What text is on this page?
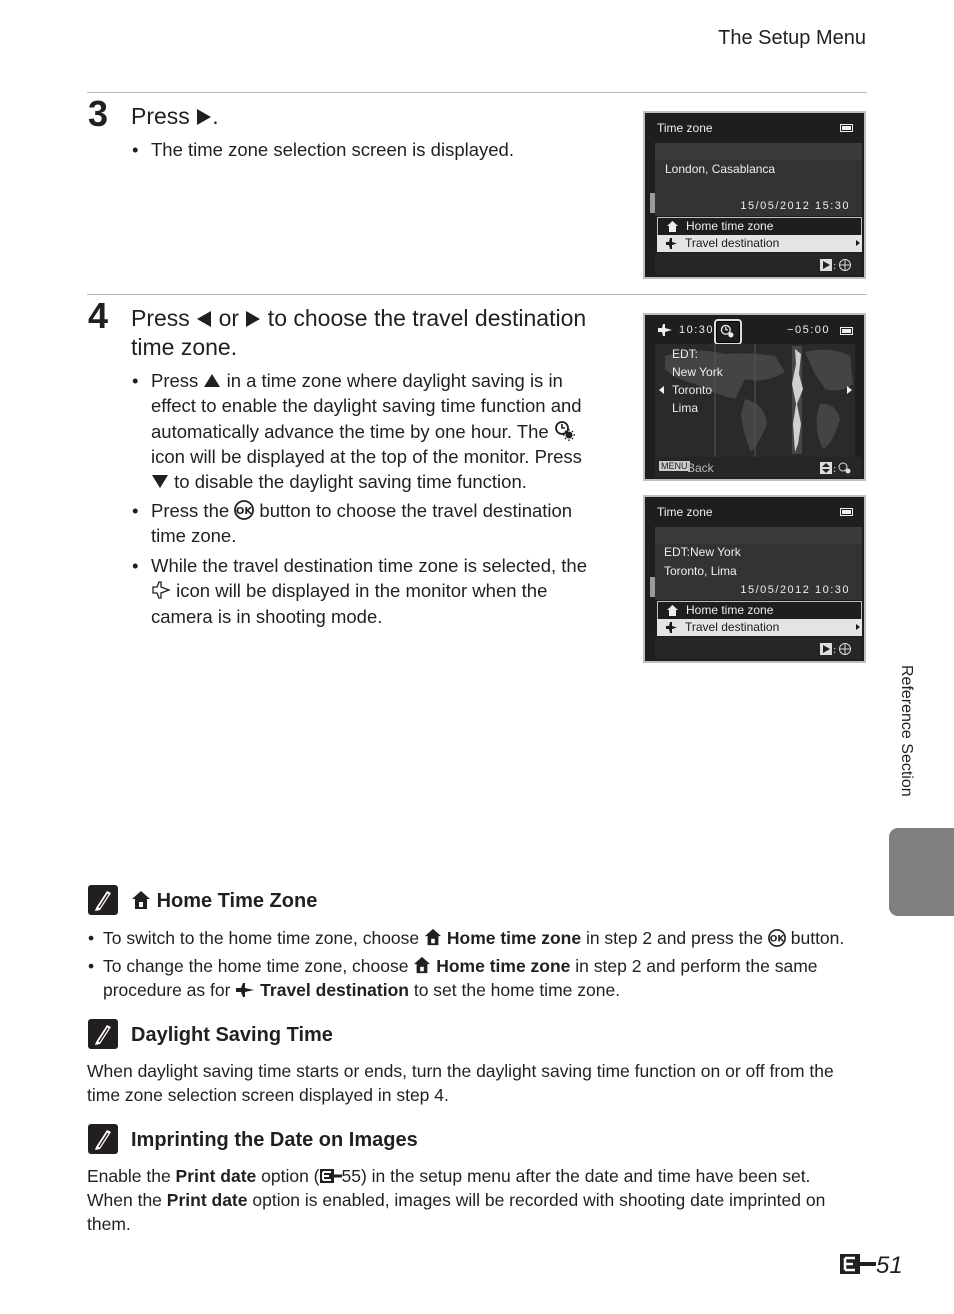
The Setup Menu
3 Press .
• The time zone selection screen is displayed.
Time zone
London, Casablanca
15/05/2012 15:30
Home time zone
Travel destination
:
4 Press  or  to choose the travel destination
time zone.
• Press  in a time zone where daylight saving is in
effect to enable the daylight saving time function and
automatically advance the time by one hour. The
icon will be displayed at the top of the monitor. Press
to disable the daylight saving time function.
• Press the OK button to choose the travel destination
time zone.
• While the travel destination time zone is selected, the
icon will be displayed in the monitor when the
camera is in shooting mode.
10:30	−05:00
EDT:
New York
Toronto
Lima
MENU Back	:
Time zone
EDT:New York
Toronto, Lima
15/05/2012 10:30
Home time zone
Travel destination
:
Home Time Zone
• To switch to the home time zone, choose  Home time zone in step 2 and press the OK button.
• To change the home time zone, choose  Home time zone in step 2 and perform the same
procedure as for  Travel destination to set the home time zone.
Daylight Saving Time
When daylight saving time starts or ends, turn the daylight saving time function on or off from the
time zone selection screen displayed in step 4.
Imprinting the Date on Images
Enable the Print date option ( 55) in the setup menu after the date and time have been set.
When the Print date option is enabled, images will be recorded with shooting date imprinted on
them.
Reference Section
51
